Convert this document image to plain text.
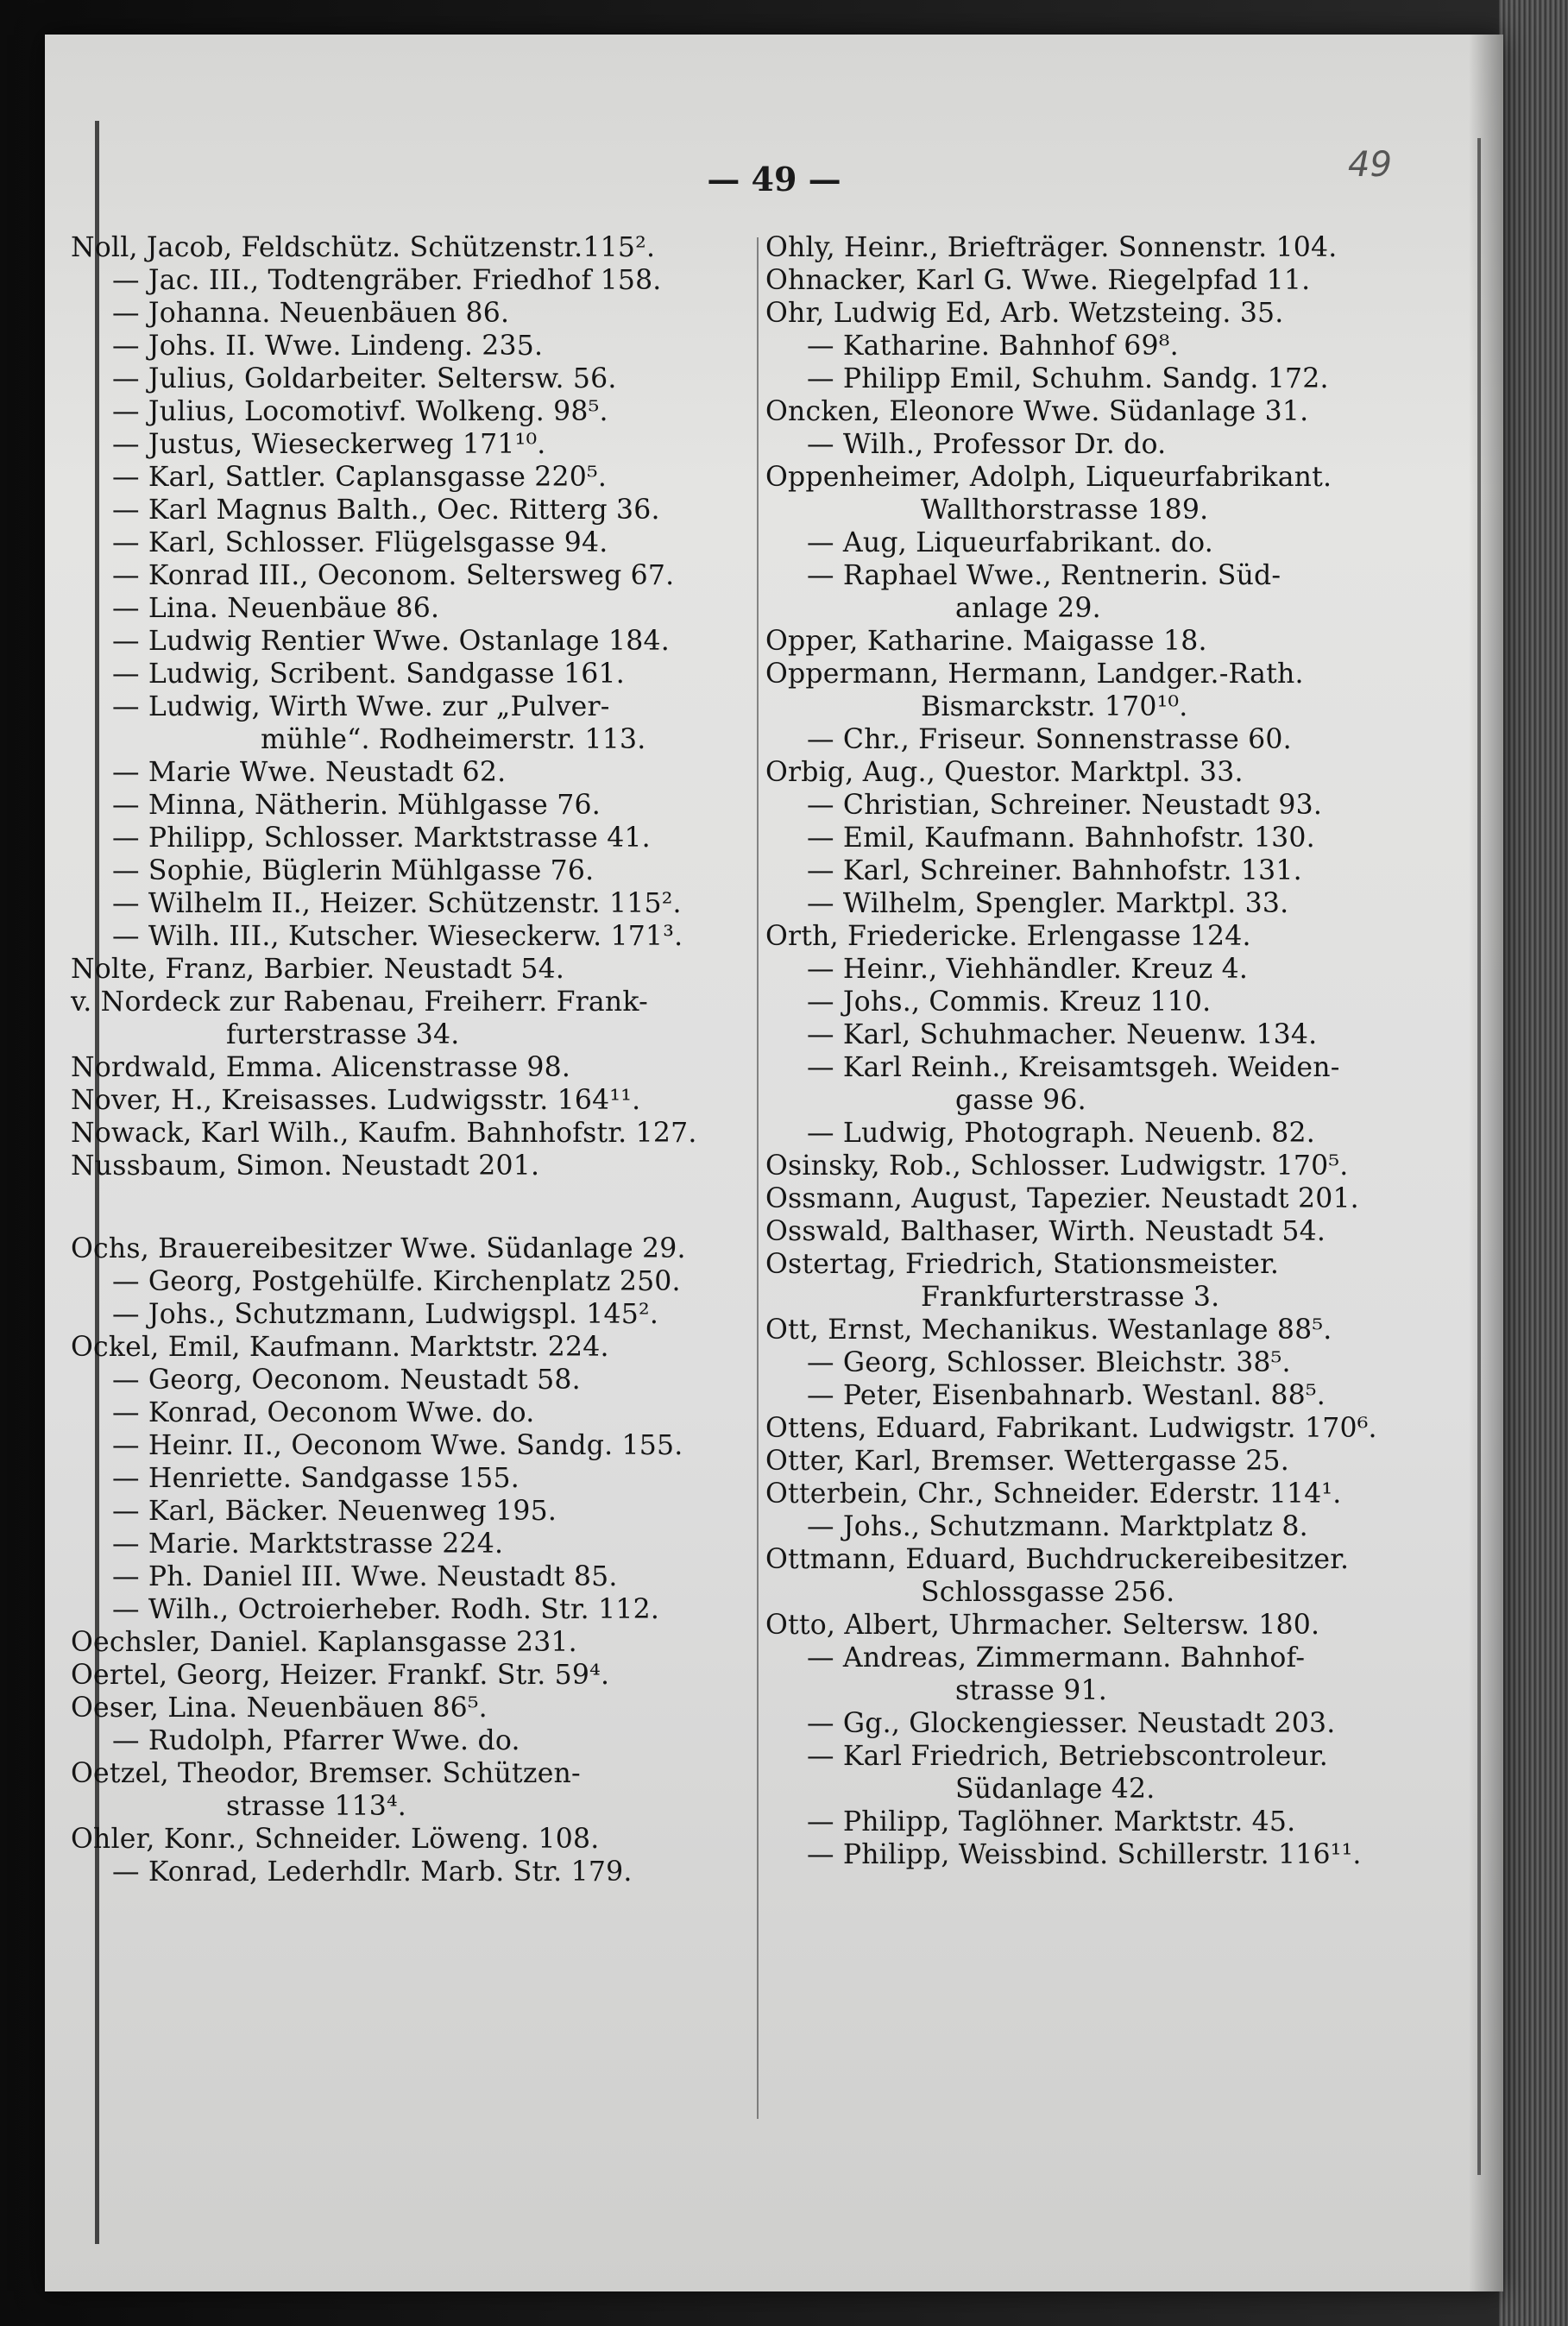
— 49 —	49
Noll, Jacob, Feldschütz. Schützenstr.115².
— Jac. III., Todtengräber. Friedhof 158.
— Johanna. Neuenbäuen 86.
— Johs. II. Wwe. Lindeng. 235.
— Julius, Goldarbeiter. Seltersw. 56.
— Julius, Locomotivf. Wolkeng. 98⁵.
— Justus, Wieseckerweg 171¹⁰.
— Karl, Sattler. Caplansgasse 220⁵.
— Karl Magnus Balth., Oec. Ritterg 36.
— Karl, Schlosser. Flügelsgasse 94.
— Konrad III., Oeconom. Seltersweg 67.
— Lina. Neuenbäue 86.
— Ludwig Rentier Wwe. Ostanlage 184.
— Ludwig, Scribent. Sandgasse 161.
— Ludwig, Wirth Wwe. zur „Pulver-
mühle“. Rodheimerstr. 113.
— Marie Wwe. Neustadt 62.
— Minna, Nätherin. Mühlgasse 76.
— Philipp, Schlosser. Marktstrasse 41.
— Sophie, Büglerin Mühlgasse 76.
— Wilhelm II., Heizer. Schützenstr. 115².
— Wilh. III., Kutscher. Wieseckerw. 171³.
Nolte, Franz, Barbier. Neustadt 54.
v. Nordeck zur Rabenau, Freiherr. Frank-
furterstrasse 34.
Nordwald, Emma. Alicenstrasse 98.
Nover, H., Kreisasses. Ludwigsstr. 164¹¹.
Nowack, Karl Wilh., Kaufm. Bahnhofstr. 127.
Nussbaum, Simon. Neustadt 201.
Ochs, Brauereibesitzer Wwe. Südanlage 29.
— Georg, Postgehülfe. Kirchenplatz 250.
— Johs., Schutzmann, Ludwigspl. 145².
Ockel, Emil, Kaufmann. Marktstr. 224.
— Georg, Oeconom. Neustadt 58.
— Konrad, Oeconom Wwe. do.
— Heinr. II., Oeconom Wwe. Sandg. 155.
— Henriette. Sandgasse 155.
— Karl, Bäcker. Neuenweg 195.
— Marie. Marktstrasse 224.
— Ph. Daniel III. Wwe. Neustadt 85.
— Wilh., Octroierheber. Rodh. Str. 112.
Oechsler, Daniel. Kaplansgasse 231.
Oertel, Georg, Heizer. Frankf. Str. 59⁴.
Oeser, Lina. Neuenbäuen 86⁵.
— Rudolph, Pfarrer Wwe. do.
Oetzel, Theodor, Bremser. Schützen-
strasse 113⁴.
Ohler, Konr., Schneider. Löweng. 108.
— Konrad, Lederhdlr. Marb. Str. 179.
Ohly, Heinr., Briefträger. Sonnenstr. 104.
Ohnacker, Karl G. Wwe. Riegelpfad 11.
Ohr, Ludwig Ed, Arb. Wetzsteing. 35.
— Katharine. Bahnhof 69⁸.
— Philipp Emil, Schuhm. Sandg. 172.
Oncken, Eleonore Wwe. Südanlage 31.
— Wilh., Professor Dr. do.
Oppenheimer, Adolph, Liqueurfabrikant.
Wallthorstrasse 189.
— Aug, Liqueurfabrikant. do.
— Raphael Wwe., Rentnerin. Süd-
anlage 29.
Opper, Katharine. Maigasse 18.
Oppermann, Hermann, Landger.-Rath.
Bismarckstr. 170¹⁰.
— Chr., Friseur. Sonnenstrasse 60.
Orbig, Aug., Questor. Marktpl. 33.
— Christian, Schreiner. Neustadt 93.
— Emil, Kaufmann. Bahnhofstr. 130.
— Karl, Schreiner. Bahnhofstr. 131.
— Wilhelm, Spengler. Marktpl. 33.
Orth, Friedericke. Erlengasse 124.
— Heinr., Viehhändler. Kreuz 4.
— Johs., Commis. Kreuz 110.
— Karl, Schuhmacher. Neuenw. 134.
— Karl Reinh., Kreisamtsgeh. Weiden-
gasse 96.
— Ludwig, Photograph. Neuenb. 82.
Osinsky, Rob., Schlosser. Ludwigstr. 170⁵.
Ossmann, August, Tapezier. Neustadt 201.
Osswald, Balthaser, Wirth. Neustadt 54.
Ostertag, Friedrich, Stationsmeister.
Frankfurterstrasse 3.
Ott, Ernst, Mechanikus. Westanlage 88⁵.
— Georg, Schlosser. Bleichstr. 38⁵.
— Peter, Eisenbahnarb. Westanl. 88⁵.
Ottens, Eduard, Fabrikant. Ludwigstr. 170⁶.
Otter, Karl, Bremser. Wettergasse 25.
Otterbein, Chr., Schneider. Ederstr. 114¹.
— Johs., Schutzmann. Marktplatz 8.
Ottmann, Eduard, Buchdruckereibesitzer.
Schlossgasse 256.
Otto, Albert, Uhrmacher. Seltersw. 180.
— Andreas, Zimmermann. Bahnhof-
strasse 91.
— Gg., Glockengiesser. Neustadt 203.
— Karl Friedrich, Betriebscontroleur.
Südanlage 42.
— Philipp, Taglöhner. Marktstr. 45.
— Philipp, Weissbind. Schillerstr. 116¹¹.
